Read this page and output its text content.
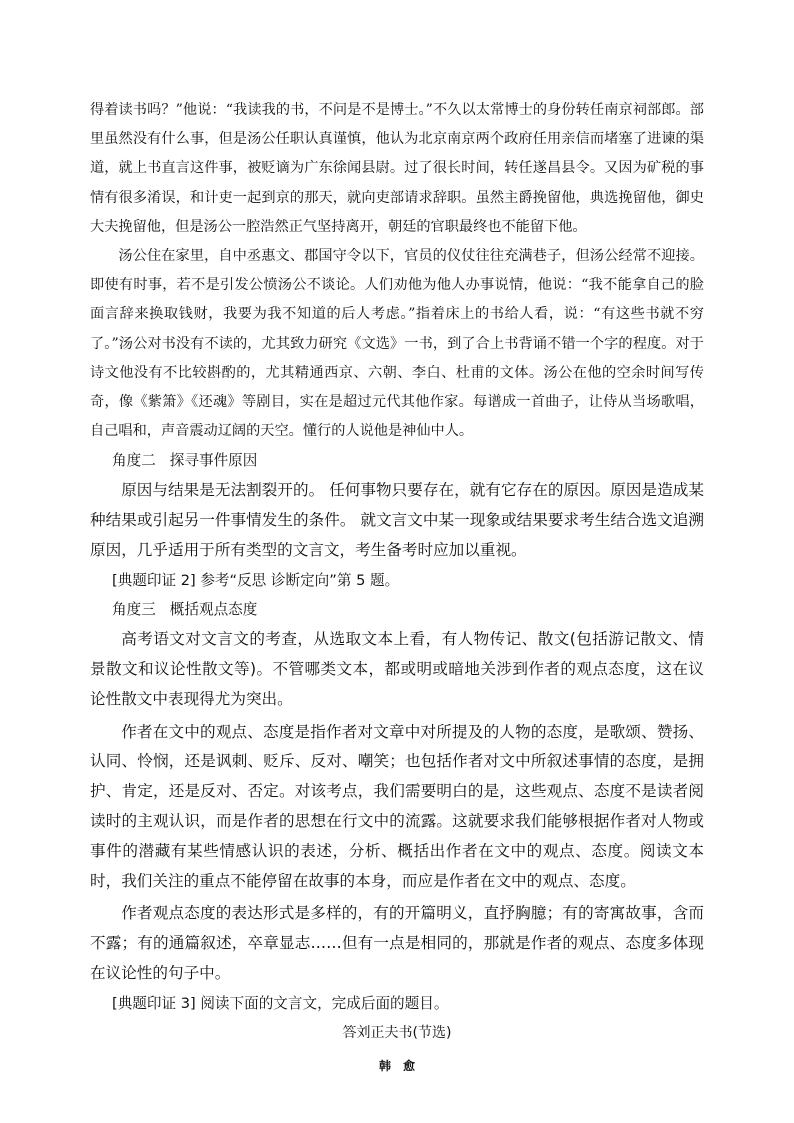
得着读书吗？”他说：“我读我的书，不问是不是博士。”不久以太常博士的身份转任南京祠部郎。部里虽然没有什么事，但是汤公任职认真谨慎，他认为北京南京两个政府任用亲信而堵塞了进谏的渠道，就上书直言这件事，被贬谪为广东徐闻县尉。过了很长时间，转任遂昌县令。又因为矿税的事情有很多淆误，和计吏一起到京的那天，就向吏部请求辞职。虽然主爵挽留他，典选挽留他，御史大夫挽留他，但是汤公一腔浩然正气坚持离开，朝廷的官职最终也不能留下他。

汤公住在家里，自中丞惠文、郡国守令以下，官员的仪仗往往充满巷子，但汤公经常不迎接。即使有时事，若不是引发公愤汤公不谈论。人们劝他为他人办事说情，他说：“我不能拿自己的脸面言辞来换取钱财，我要为我不知道的后人考虑。”指着床上的书给人看，说：“有这些书就不穷了。”汤公对书没有不读的，尤其致力研究《文选》一书，到了合上书背诵不错一个字的程度。对于诗文他没有不比较斟酌的，尤其精通西京、六朝、李白、杜甫的文体。汤公在他的空余时间写传奇，像《紫箫》《还魂》等剧目，实在是超过元代其他作家。每谱成一首曲子，让侍从当场歌唱，自己唱和，声音震动辽阔的天空。懂行的人说他是神仙中人。

角度二 探寻事件原因

原因与结果是无法割裂开的。 任何事物只要存在，就有它存在的原因。原因是造成某种结果或引起另一件事情发生的条件。 就文言文中某一现象或结果要求考生结合选文追溯原因，几乎适用于所有类型的文言文，考生备考时应加以重视。

[典题印证 2] 参考“反思 诊断定向”第 5 题。

角度三 概括观点态度

高考语文对文言文的考查，从选取文本上看，有人物传记、散文(包括游记散文、情景散文和议论性散文等)。不管哪类文本，都或明或暗地关涉到作者的观点态度，这在议论性散文中表现得尤为突出。

作者在文中的观点、态度是指作者对文章中对所提及的人物的态度，是歌颂、赞扬、认同、怜悯，还是讽刺、贬斥、反对、嘲笑；也包括作者对文中所叙述事情的态度，是拥护、肯定，还是反对、否定。对该考点，我们需要明白的是，这些观点、态度不是读者阅读时的主观认识，而是作者的思想在行文中的流露。这就要求我们能够根据作者对人物或事件的潜藏有某些情感认识的表述，分析、概括出作者在文中的观点、态度。阅读文本时，我们关注的重点不能停留在故事的本身，而应是作者在文中的观点、态度。

作者观点态度的表达形式是多样的，有的开篇明义，直抒胸臆；有的寄寓故事，含而不露；有的通篇叙述，卒章显志……但有一点是相同的，那就是作者的观点、态度多体现在议论性的句子中。

[典题印证 3] 阅读下面的文言文，完成后面的题目。

答刘正夫书(节选)

韩愈
